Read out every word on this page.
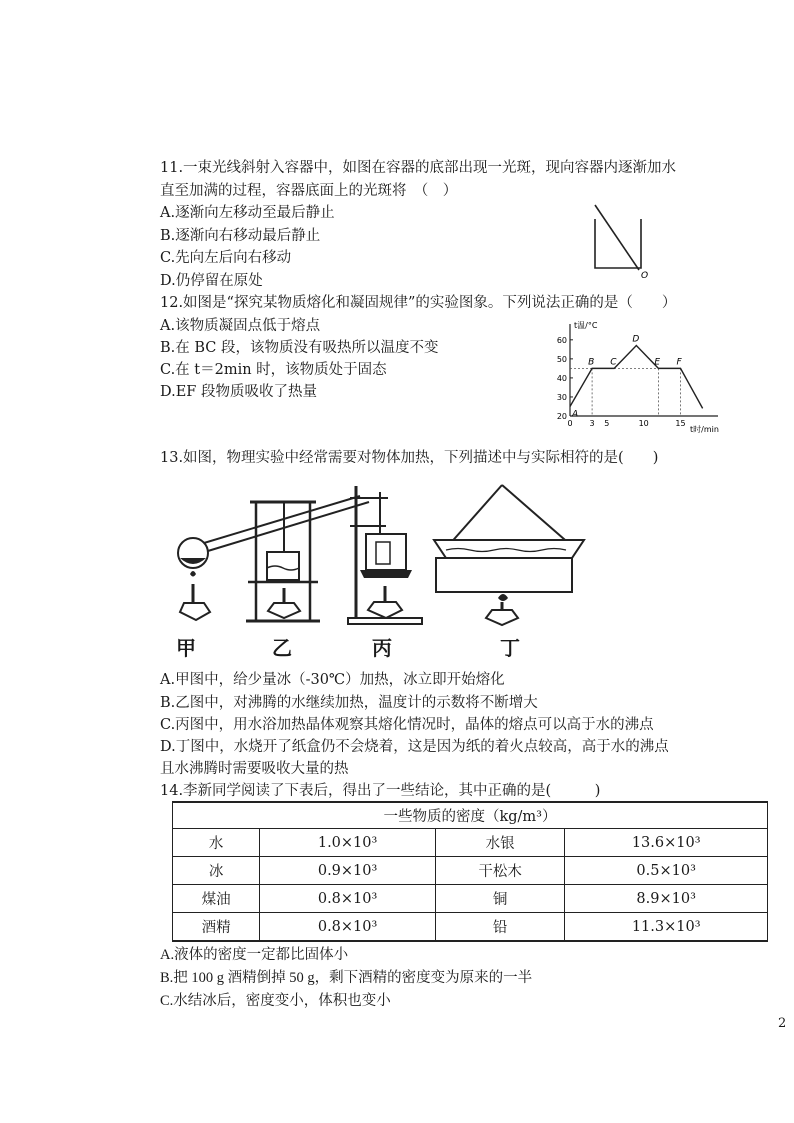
11.一束光线斜射入容器中，如图在容器的底部出现一光斑，现向容器内逐渐加水
直至加满的过程，容器底面上的光斑将　（　）
A.逐渐向左移动至最后静止
B.逐渐向右移动最后静止
C.先向左后向右移动
D.仍停留在原处	O
12.如图是“探究某物质熔化和凝固规律”的实验图象。下列说法正确的是（　　）
A.该物质凝固点低于熔点
B.在 BC 段，该物质没有吸热所以温度不变
C.在 t＝2min 时，该物质处于固态
D.EF 段物质吸收了热量
20
30
40
50
60
0 3 5	10	15
t温/°C
t时/min
A
B C
D
E F
13.如图，物理实验中经常需要对物体加热，下列描述中与实际相符的是(　　)
甲	乙	丙	丁
A.甲图中，给少量冰（-30℃）加热，冰立即开始熔化
B.乙图中，对沸腾的水继续加热，温度计的示数将不断增大
C.丙图中，用水浴加热晶体观察其熔化情况时，晶体的熔点可以高于水的沸点
D.丁图中，水烧开了纸盒仍不会烧着，这是因为纸的着火点较高，高于水的沸点
且水沸腾时需要吸收大量的热
14.李新同学阅读了下表后，得出了一些结论，其中正确的是(　　　)
一些物质的密度（kg/m³）			
水	1.0×10³	水银	13.6×10³
冰	0.9×10³	干松木	0.5×10³
煤油	0.8×10³	铜	8.9×10³
酒精	0.8×10³	铅	11.3×10³
A.液体的密度一定都比固体小
B.把 100 g 酒精倒掉 50 g，剩下酒精的密度变为原来的一半
C.水结冰后，密度变小，体积也变小
2
